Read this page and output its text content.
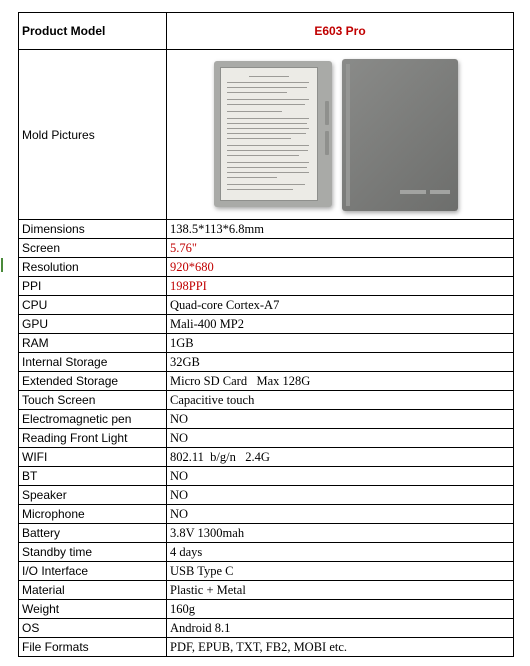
Product Model	E603 Pro
Mold Pictures	

Dimensions	138.5*113*6.8mm
Screen	5.76"
Resolution	920*680
PPI	198PPI
CPU	Quad-core Cortex-A7
GPU	Mali-400 MP2
RAM	1GB
Internal Storage	32GB
Extended Storage	Micro SD Card   Max 128G
Touch Screen	Capacitive touch
Electromagnetic pen	NO
Reading Front Light	NO
WIFI	802.11  b/g/n   2.4G
BT	NO
Speaker	NO
Microphone	NO
Battery	3.8V 1300mah
Standby time	4 days
I/O Interface	USB Type C
Material	Plastic + Metal
Weight	160g
OS	Android 8.1
File Formats	PDF, EPUB, TXT, FB2, MOBI etc.
